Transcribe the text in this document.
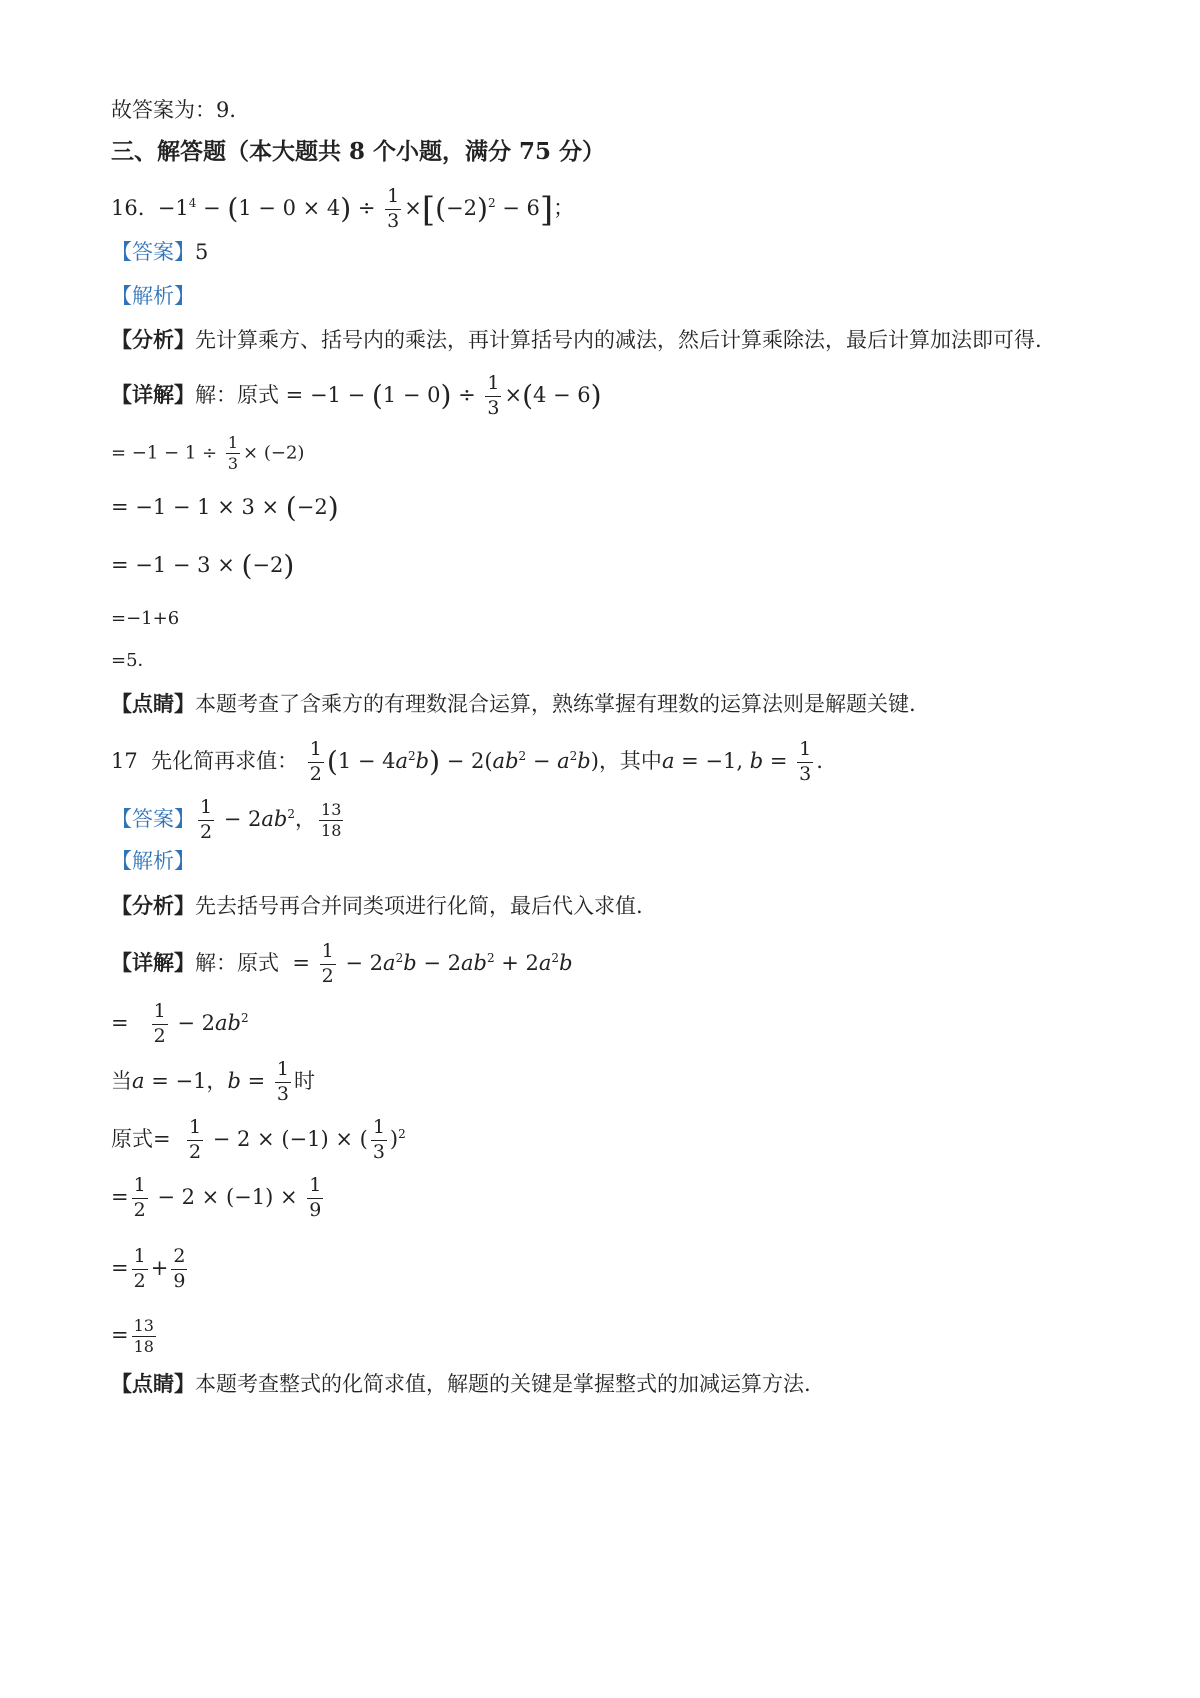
故答案为：9．
三、解答题（本大题共 8 个小题，满分 75 分）
16.  $-1^4 - (1 - 0 \times 4) \div \frac{1}{3} \times[(-2)^2 - 6]$；
【答案】5
【解析】
【分析】先计算乘方、括号内的乘法，再计算括号内的减法，然后计算乘除法，最后计算加法即可得.
【详解】解：原式 = $-1 - (1 - 0) \div \frac{1}{3} \times(4 - 6)$
= $-1 - 1 \div \frac{1}{3} \times (-2)$
= −1 − 1 × 3 × (−2)
= −1 − 3 × (−2)
=−1+6
=5．
【点睛】本题考查了含乘方的有理数混合运算，熟练掌握有理数的运算法则是解题关键.
17 先化简再求值： $\frac{1}{2} (1 - 4a^2b) - 2(ab^2 - a^2b)$，其中a = −1, $b = \frac{1}{3}$ .
【答案】 $\frac{1}{2} - 2ab^2$， $\frac{13}{18}$
【解析】
【分析】先去括号再合并同类项进行化简，最后代入求值.
【详解】解：原式  = $\frac{1}{2} - 2a^2b - 2ab^2 + 2a^2b$
= $\frac{1}{2} - 2ab^2$
当a = −1，$b = \frac{1}{3}$ 时
原式= $\frac{1}{2} - 2 \times (-1)$ × ( $\frac{1}{3} )^2$
= $\frac{1}{2} - 2 \times (-1) \times \frac{1}{9}$
= $\frac{1}{2} + \frac{2}{9}$
= $\frac{13}{18}$
【点睛】本题考查整式的化简求值，解题的关键是掌握整式的加减运算方法.
